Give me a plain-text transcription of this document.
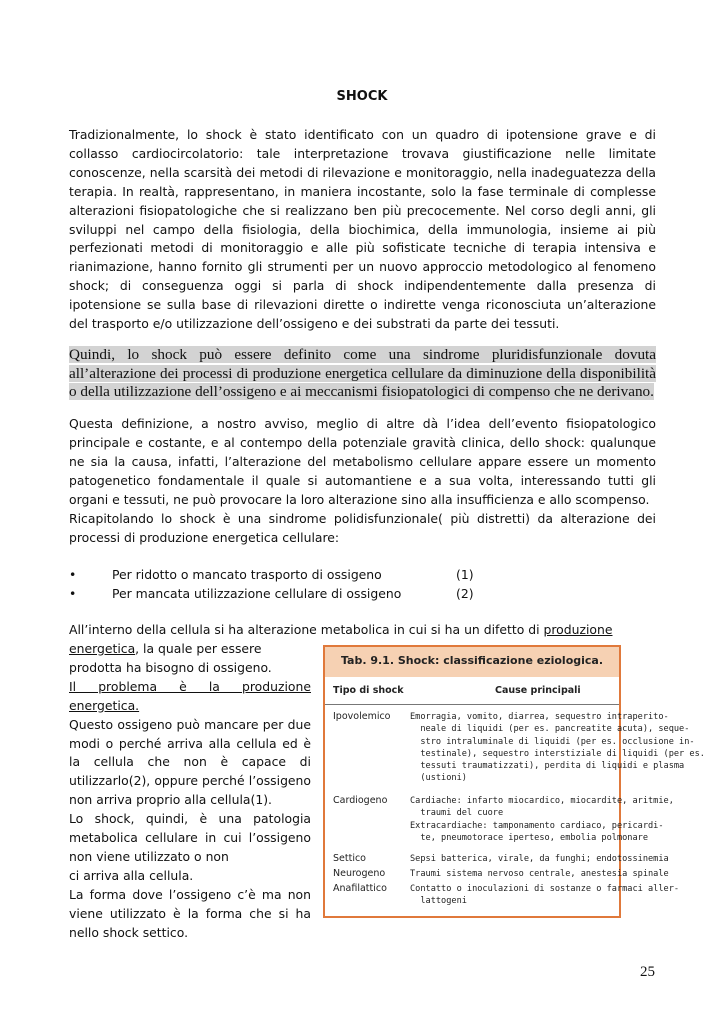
SHOCK

Tradizionalmente, lo shock è stato identificato con un quadro di ipotensione grave e di collasso cardiocircolatorio: tale interpretazione trovava giustificazione nelle limitate conoscenze, nella scarsità dei metodi di rilevazione e monitoraggio, nella inadeguatezza della terapia. In realtà, rappresentano, in maniera incostante, solo la fase terminale di complesse alterazioni fisiopatologiche che si realizzano ben più precocemente. Nel corso degli anni, gli sviluppi nel campo della fisiologia, della biochimica, della immunologia, insieme ai più perfezionati metodi di monitoraggio e alle più sofisticate tecniche di terapia intensiva e rianimazione, hanno fornito gli strumenti per un nuovo approccio metodologico al fenomeno shock; di conseguenza oggi si parla di shock indipendentemente dalla presenza di ipotensione se sulla base di rilevazioni dirette o indirette venga riconosciuta un’alterazione del trasporto e/o utilizzazione dell’ossigeno e dei substrati da parte dei tessuti.

Quindi, lo shock può essere definito come una sindrome pluridisfunzionale dovuta all’alterazione dei processi di produzione energetica cellulare da diminuzione della disponibilità o della utilizzazione dell’ossigeno e ai meccanismi fisiopatologici di compenso che ne derivano.

Questa definizione, a nostro avviso, meglio di altre dà l’idea dell’evento fisiopatologico principale e costante, e al contempo della potenziale gravità clinica, dello shock: qualunque ne sia la causa, infatti, l’alterazione del metabolismo cellulare appare essere un momento patogenetico fondamentale il quale si automantiene e a sua volta, interessando tutti gli organi e tessuti, ne può provocare la loro alterazione sino alla insufficienza e allo scompenso.

Ricapitolando lo shock è una sindrome polidisfunzionale( più distretti) da alterazione dei processi di produzione energetica cellulare:

•	Per ridotto o mancato trasporto di ossigeno	(1)
•	Per mancata utilizzazione cellulare di ossigeno	(2)
All’interno della cellula si ha alterazione metabolica in cui si ha un difetto di produzione

energetica, la quale per essere

prodotta ha bisogno di ossigeno.

Il problema è la produzione energetica.

Questo ossigeno può mancare per due modi o perché arriva alla cellula ed è la cellula che non è capace di utilizzarlo(2), oppure perché l’ossigeno non arriva proprio alla cellula(1).

Lo shock, quindi, è una patologia metabolica cellulare in cui l’ossigeno non viene utilizzato o non

ci arriva alla cellula.

La forma dove l’ossigeno c’è ma non viene utilizzato è la forma che si ha nello shock settico.

Tab. 9.1. Shock: classificazione eziologica.
Tipo di shock	Cause principali
Ipovolemico Emorragia, vomito, diarrea, sequestro intraperito-
neale di liquidi (per es. pancreatite acuta), seque-
stro intraluminale di liquidi (per es. occlusione in-
testinale), sequestro interstiziale di liquidi (per es.
tessuti traumatizzati), perdita di liquidi e plasma
(ustioni)
Cardiogeno	Cardiache: infarto miocardico, miocardite, aritmie,
traumi del cuore
Extracardiache: tamponamento cardiaco, pericardi-
te, pneumotorace iperteso, embolia polmonare
Settico	Sepsi batterica, virale, da funghi; endotossinemia
Neurogeno	Traumi sistema nervoso centrale, anestesia spinale
Anafilattico	Contatto o inoculazioni di sostanze o farmaci aller-
lattogeni
25
